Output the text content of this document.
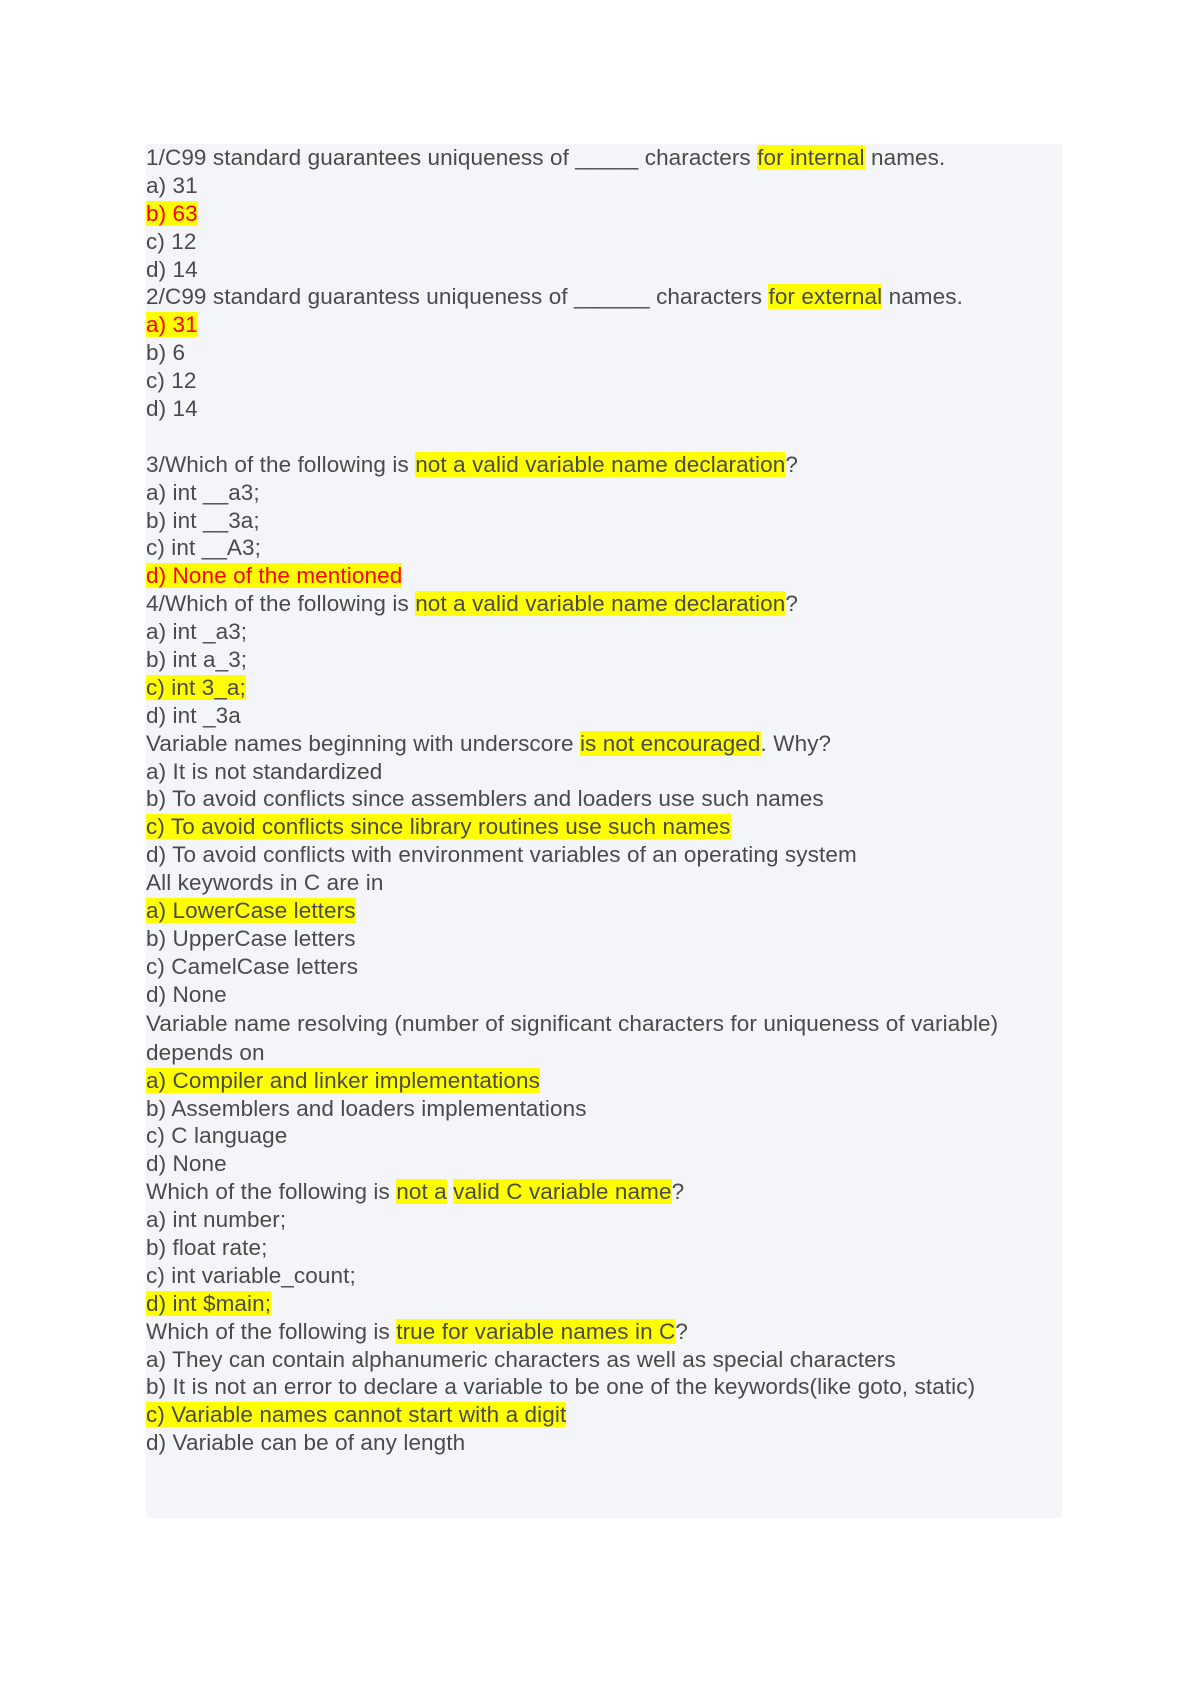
1/C99 standard guarantees uniqueness of _____ characters for internal names.
a) 31
b) 63
c) 12
d) 14
2/C99 standard guarantess uniqueness of ______ characters for external names.
a) 31
b) 6
c) 12
d) 14
3/Which of the following is not a valid variable name declaration?
a) int __a3;
b) int __3a;
c) int __A3;
d) None of the mentioned
4/Which of the following is not a valid variable name declaration?
a) int _a3;
b) int a_3;
c) int 3_a;
d) int _3a
Variable names beginning with underscore is not encouraged. Why?
a) It is not standardized
b) To avoid conflicts since assemblers and loaders use such names
c) To avoid conflicts since library routines use such names
d) To avoid conflicts with environment variables of an operating system
All keywords in C are in
a) LowerCase letters
b) UpperCase letters
c) CamelCase letters
d) None
Variable name resolving (number of significant characters for uniqueness of variable) depends on
a) Compiler and linker implementations
b) Assemblers and loaders implementations
c) C language
d) None
Which of the following is not a valid C variable name?
a) int number;
b) float rate;
c) int variable_count;
d) int $main;
Which of the following is true for variable names in C?
a) They can contain alphanumeric characters as well as special characters
b) It is not an error to declare a variable to be one of the keywords(like goto, static)
c) Variable names cannot start with a digit
d) Variable can be of any length
